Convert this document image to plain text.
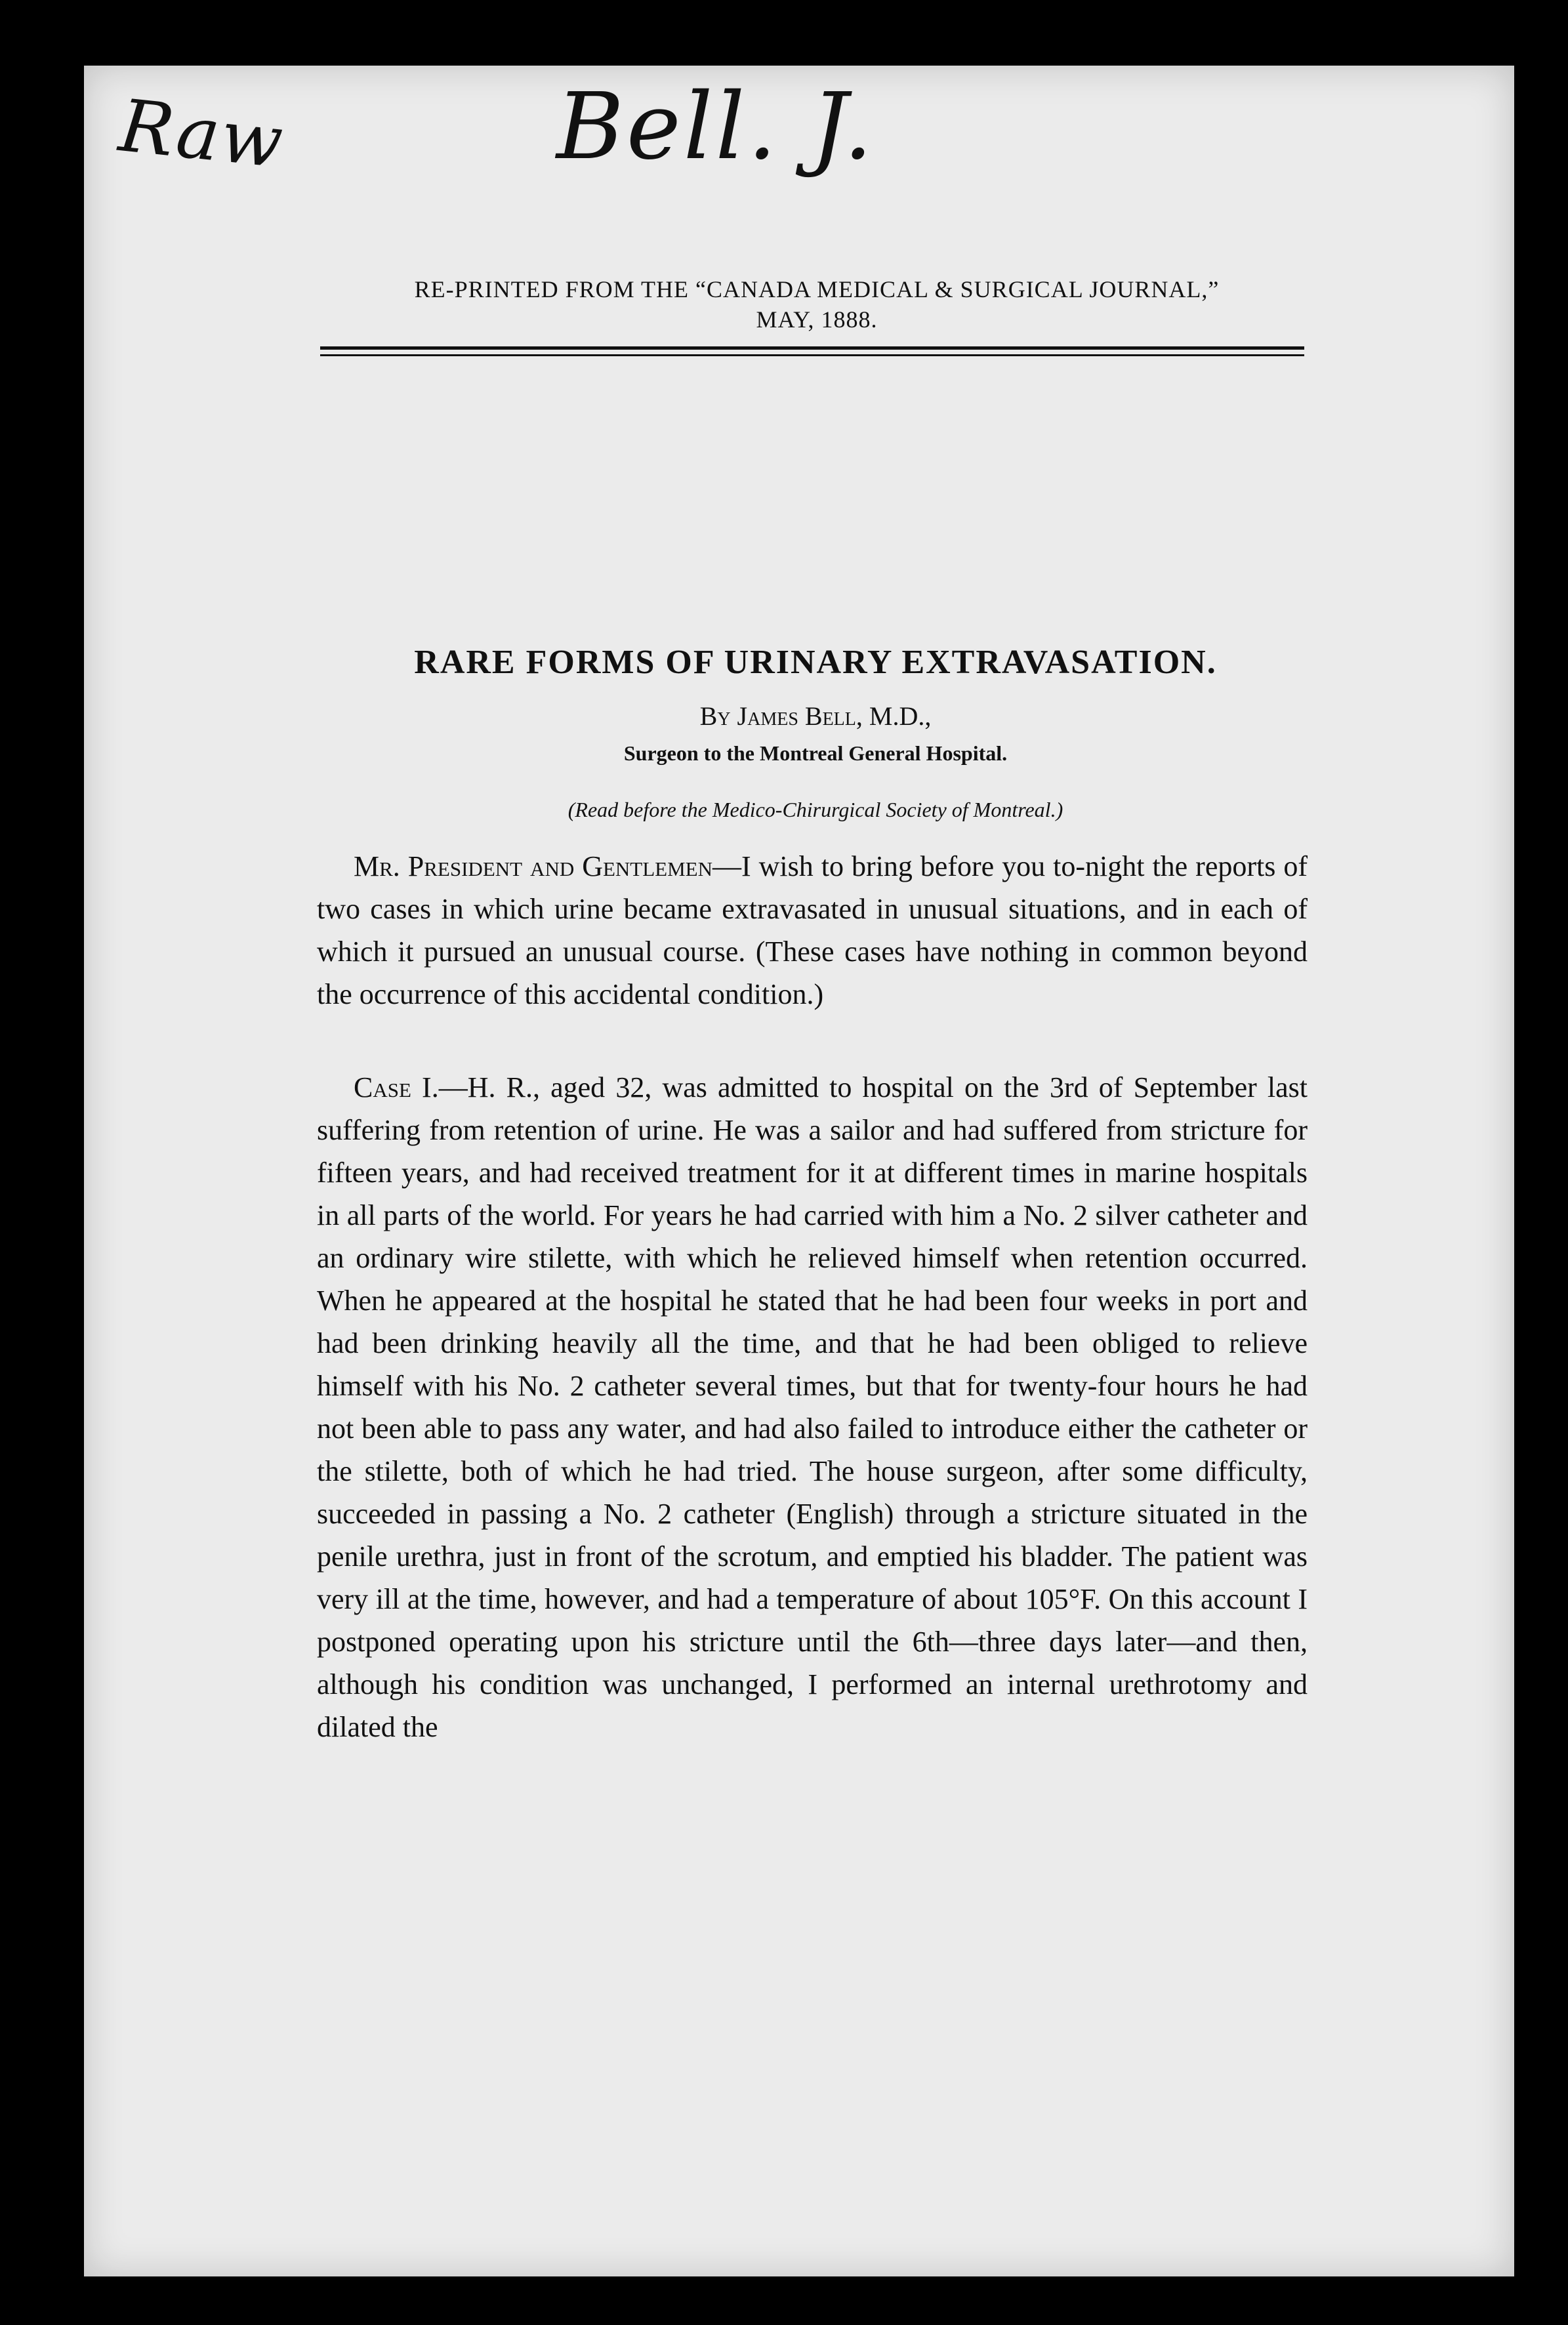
Raw	Bell. J.
RE-PRINTED FROM THE “CANADA MEDICAL & SURGICAL JOURNAL,”
MAY, 1888.
RARE FORMS OF URINARY EXTRAVASATION.
By James Bell, M.D.,
Surgeon to the Montreal General Hospital.
(Read before the Medico-Chirurgical Society of Montreal.)

Mr. President and Gentlemen—I wish to bring before you to-night the reports of two cases in which urine became extravasated in unusual situations, and in each of which it pursued an unusual course. (These cases have nothing in common beyond the occurrence of this accidental condition.)

Case I.—H. R., aged 32, was admitted to hospital on the 3rd of September last suffering from retention of urine. He was a sailor and had suffered from stricture for fifteen years, and had received treatment for it at different times in marine hospitals in all parts of the world. For years he had carried with him a No. 2 silver catheter and an ordinary wire stilette, with which he relieved himself when retention occurred. When he appeared at the hospital he stated that he had been four weeks in port and had been drinking heavily all the time, and that he had been obliged to relieve himself with his No. 2 catheter several times, but that for twenty-four hours he had not been able to pass any water, and had also failed to introduce either the catheter or the stilette, both of which he had tried. The house surgeon, after some difficulty, succeeded in passing a No. 2 catheter (English) through a stricture situated in the penile urethra, just in front of the scrotum, and emptied his bladder. The patient was very ill at the time, however, and had a temperature of about 105°F. On this account I postponed operating upon his stricture until the 6th—three days later—and then, although his condition was unchanged, I performed an internal urethrotomy and dilated the
